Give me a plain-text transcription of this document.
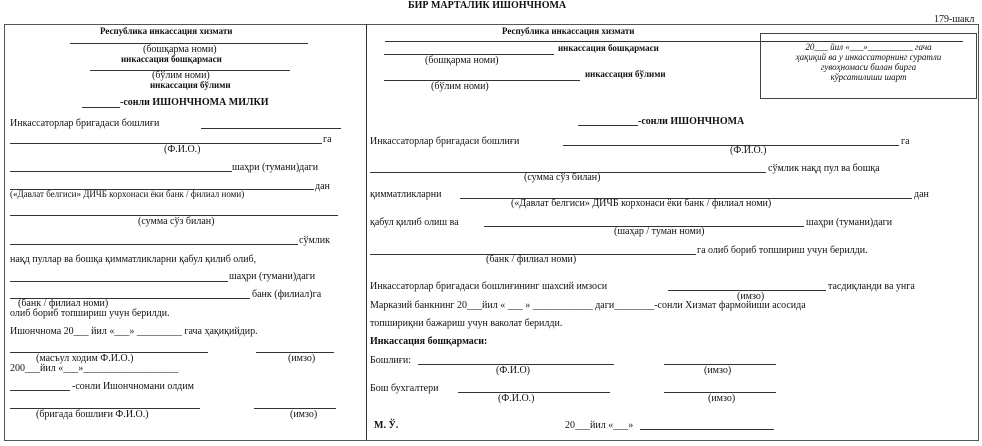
БИР МАРТАЛИК ИШОНЧНОМА
179-шакл
Республика инкассация хизмати
(бошқарма номи)
инкассация бошқармаси
(бўлим номи)
инкассация бўлими
-сонли ИШОНЧНОМА МИЛКИ
Инкассаторлар бригадаси бошлиғи
га
(Ф.И.О.)
шаҳри (тумани)даги
дан
(«Давлат белгиси» ДИЧБ корхонаси ёки банк / филиал номи)
(сумма сўз билан)
сўмлик
нақд пуллар ва бошқа қимматликларни қабул қилиб олиб,
шаҳри (тумани)даги
банк (филиал)га
(банк / филиал номи)
олиб бориб топшириш учун берилди.
Ишончнома 20___ йил «___» _________ гача ҳақиқийдир.
(масъул ходим Ф.И.О.)	(имзо)
200___йил «___»___________________
-сонли Ишончномани олдим
(бригада бошлиғи Ф.И.О.)	(имзо)
Республика инкассация хизмати
инкассация бошқармаси
(бошқарма номи)
инкассация бўлими
(бўлим номи)
20___ йил «___»__________ гача
ҳақиқий ва у инкассаторнинг суратли
гувоҳномаси билан бирга
кўрсатилиши шарт
-сонли ИШОНЧНОМА
Инкассаторлар бригадаси бошлиғи	га
(Ф.И.О.)
сўмлик нақд пул ва бошқа
(сумма сўз билан)
қимматликларни	дан
(«Давлат белгиси» ДИЧБ корхонаси ёки банк / филиал номи)
қабул қилиб олиш ва	шаҳри (тумани)даги
(шаҳар / туман номи)
га олиб бориб топшириш учун берилди.
(банк / филиал номи)
Инкассаторлар бригадаси бошлиғининг шахсий имзоси	тасдиқланди ва унга
(имзо)
Марказий банкнинг 20___йил « ___ » ____________ даги________-сонли Хизмат фармойиши асосида
топшириқни бажариш учун ваколат берилди.
Инкассация бошқармаси:
Бошлиғи:
(Ф.И.О)	(имзо)
Бош бухгалтери
(Ф.И.О.)	(имзо)
М. Ў.	20___йил «___»
